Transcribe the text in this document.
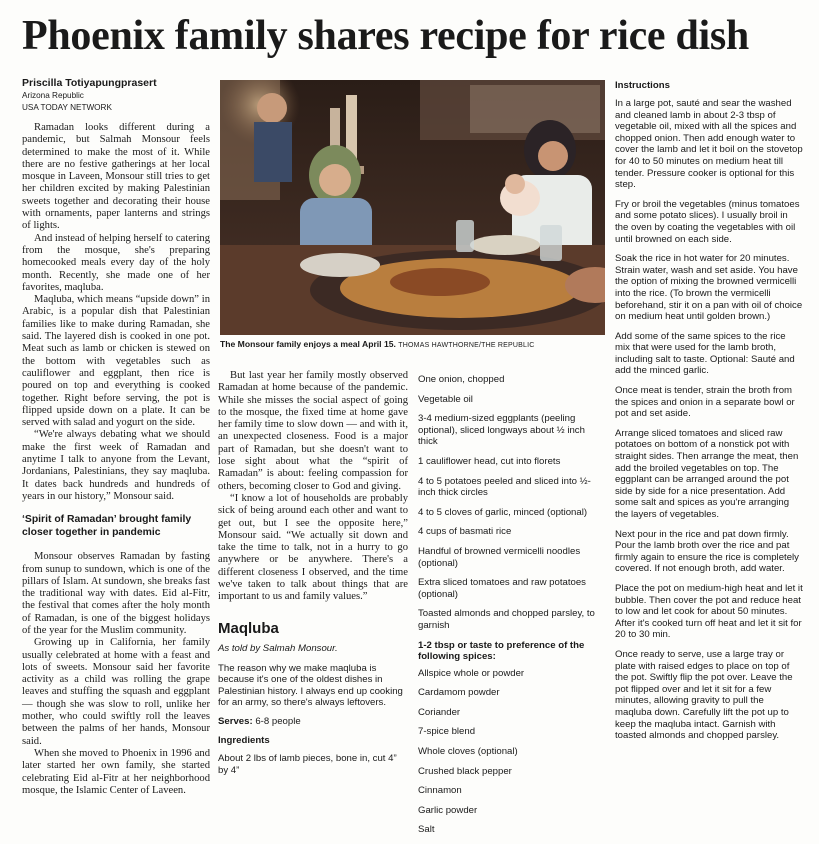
Phoenix family shares recipe for rice dish
Priscilla Totiyapungprasert
Arizona Republic
USA TODAY NETWORK

Ramadan looks different during a pandemic, but Salmah Monsour feels determined to make the most of it. While there are no festive gatherings at her local mosque in Laveen, Monsour still tries to get her children excited by making Palestinian sweets together and decorating their house with ornaments, paper lanterns and strings of lights.

And instead of helping herself to catering from the mosque, she's preparing homecooked meals every day of the holy month. Recently, she made one of her favorites, maqluba.

Maqluba, which means “upside down” in Arabic, is a popular dish that Palestinian families like to make during Ramadan, she said. The layered dish is cooked in one pot. Meat such as lamb or chicken is stewed on the bottom with vegetables such as cauliflower and eggplant, then rice is poured on top and everything is cooked together. Right before serving, the pot is flipped upside down on a plate. It can be served with salad and yogurt on the side.

“We're always debating what we should make the first week of Ramadan and anytime I talk to anyone from the Levant, Jordanians, Palestinians, they say maqluba. It dates back hundreds and hundreds of years in our history,” Monsour said.

‘Spirit of Ramadan’ brought family closer together in pandemic

Monsour observes Ramadan by fasting from sunup to sundown, which is one of the pillars of Islam. At sundown, she breaks fast the traditional way with dates. Eid al-Fitr, the festival that comes after the holy month of Ramadan, is one of the biggest holidays of the year for the Muslim community.

Growing up in California, her family usually celebrated at home with a feast and lots of sweets. Monsour said her favorite activity as a child was rolling the grape leaves and stuffing the squash and eggplant — though she was slow to roll, unlike her mother, who could swiftly roll the leaves between the palms of her hands, Monsour said.

When she moved to Phoenix in 1996 and later started her own family, she started celebrating Eid al-Fitr at her neighborhood mosque, the Islamic Center of Laveen.

The Monsour family enjoys a meal April 15. THOMAS HAWTHORNE/THE REPUBLIC

But last year her family mostly observed Ramadan at home because of the pandemic. While she misses the social aspect of going to the mosque, the fixed time at home gave her family time to slow down — and with it, an unexpected closeness. Food is a major part of Ramadan, but she doesn't want to lose sight about what the “spirit of Ramadan” is about: feeling compassion for others, becoming closer to God and giving.

“I know a lot of households are probably sick of being around each other and want to get out, but I see the opposite here,” Monsour said. “We actually sit down and take the time to talk, not in a hurry to go anywhere or be anywhere. There's a different closeness I observed, and the time we've taken to talk about things that are important to us and family values.”

Maqluba
As told by Salmah Monsour.

The reason why we make maqluba is because it's one of the oldest dishes in Palestinian history. I always end up cooking for an army, so there's always leftovers.

Serves: 6-8 people

Ingredients

About 2 lbs of lamb pieces, bone in, cut 4” by 4”

One onion, chopped

Vegetable oil

3-4 medium-sized eggplants (peeling optional), sliced longways about ½ inch thick

1 cauliflower head, cut into florets

4 to 5 potatoes peeled and sliced into ½-inch thick circles

4 to 5 cloves of garlic, minced (optional)

4 cups of basmati rice

Handful of browned vermicelli noodles (optional)

Extra sliced tomatoes and raw potatoes (optional)

Toasted almonds and chopped parsley, to garnish

1-2 tbsp or taste to preference of the following spices:

Allspice whole or powder

Cardamom powder

Coriander

7-spice blend

Whole cloves (optional)

Crushed black pepper

Cinnamon

Garlic powder

Salt

Instructions

In a large pot, sauté and sear the washed and cleaned lamb in about 2-3 tbsp of vegetable oil, mixed with all the spices and chopped onion. Then add enough water to cover the lamb and let it boil on the stovetop for 40 to 50 minutes on medium heat till tender. Pressure cooker is optional for this step.

Fry or broil the vegetables (minus tomatoes and some potato slices). I usually broil in the oven by coating the vegetables with oil until browned on each side.

Soak the rice in hot water for 20 minutes. Strain water, wash and set aside. You have the option of mixing the browned vermicelli into the rice. (To brown the vermicelli beforehand, stir it on a pan with oil of choice on medium heat until golden brown.)

Add some of the same spices to the rice mix that were used for the lamb broth, including salt to taste. Optional: Sauté and add the minced garlic.

Once meat is tender, strain the broth from the spices and onion in a separate bowl or pot and set aside.

Arrange sliced tomatoes and sliced raw potatoes on bottom of a nonstick pot with straight sides. Then arrange the meat, then add the broiled vegetables on top. The eggplant can be arranged around the pot side by side for a nice presentation. Add some salt and spices as you're arranging the layers of vegetables.

Next pour in the rice and pat down firmly. Pour the lamb broth over the rice and pat firmly again to ensure the rice is completely covered. If not enough broth, add water.

Place the pot on medium-high heat and let it bubble. Then cover the pot and reduce heat to low and let cook for about 50 minutes. After it's cooked turn off heat and let it sit for 20 to 30 min.

Once ready to serve, use a large tray or plate with raised edges to place on top of the pot. Swiftly flip the pot over. Leave the pot flipped over and let it sit for a few minutes, allowing gravity to pull the maqluba down. Carefully lift the pot up to keep the maqluba intact. Garnish with toasted almonds and chopped parsley.
